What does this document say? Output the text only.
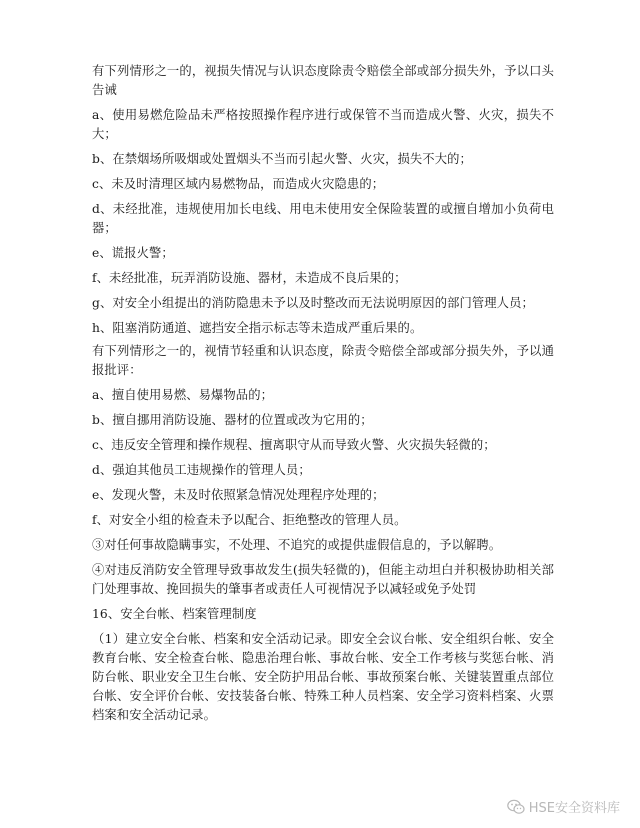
有下列情形之一的，视损失情况与认识态度除责令赔偿全部或部分损失外，予以口头告诫

a、使用易燃危险品未严格按照操作程序进行或保管不当而造成火警、火灾，损失不大；

b、在禁烟场所吸烟或处置烟头不当而引起火警、火灾，损失不大的；

c、未及时清理区域内易燃物品，而造成火灾隐患的；

d、未经批准，违规使用加长电线、用电未使用安全保险装置的或擅自增加小负荷电器；

e、谎报火警；

f、未经批准，玩弄消防设施、器材，未造成不良后果的；

g、对安全小组提出的消防隐患未予以及时整改而无法说明原因的部门管理人员；

h、阻塞消防通道、遮挡安全指示标志等未造成严重后果的。

有下列情形之一的，视情节轻重和认识态度，除责令赔偿全部或部分损失外，予以通报批评：

a、擅自使用易燃、易爆物品的；

b、擅自挪用消防设施、器材的位置或改为它用的；

c、违反安全管理和操作规程、擅离职守从而导致火警、火灾损失轻微的；

d、强迫其他员工违规操作的管理人员；

e、发现火警，未及时依照紧急情况处理程序处理的；

f、对安全小组的检查未予以配合、拒绝整改的管理人员。

③对任何事故隐瞒事实，不处理、不追究的或提供虚假信息的，予以解聘。

④对违反消防安全管理导致事故发生(损失轻微的)，但能主动坦白并积极协助相关部门处理事故、挽回损失的肇事者或责任人可视情况予以减轻或免予处罚

16、安全台帐、档案管理制度

（1）建立安全台帐、档案和安全活动记录。即安全会议台帐、安全组织台帐、安全教育台帐、安全检查台帐、隐患治理台帐、事故台帐、安全工作考核与奖惩台帐、消防台帐、职业安全卫生台帐、安全防护用品台帐、事故预案台帐、关键装置重点部位台帐、安全评价台帐、安技装备台帐、特殊工种人员档案、安全学习资料档案、火票档案和安全活动记录。

HSE安全资料库
